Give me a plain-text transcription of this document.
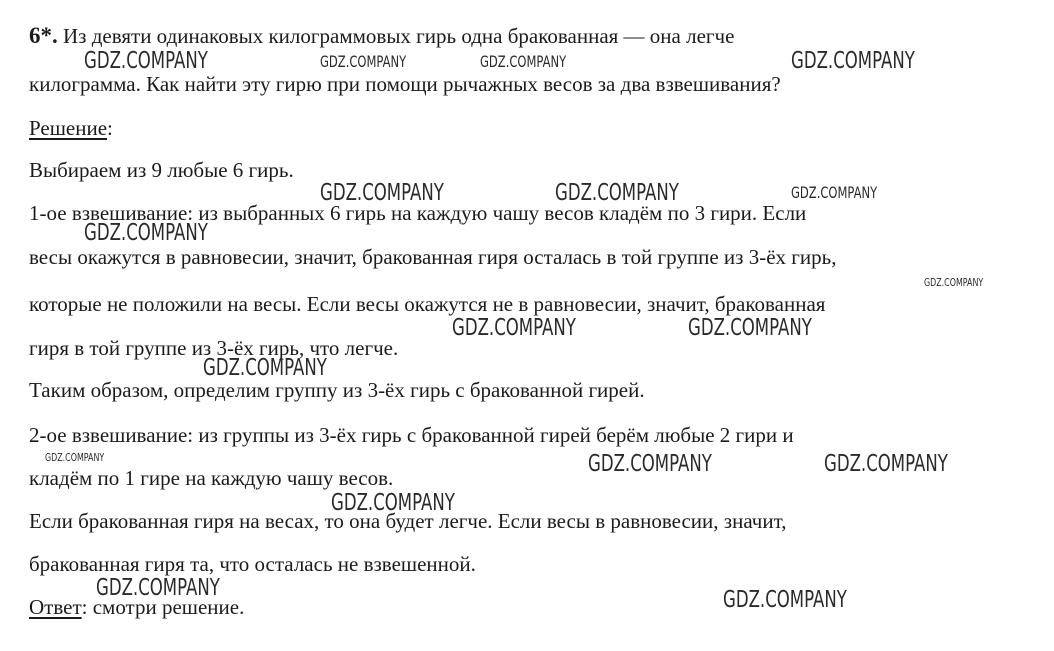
6*. Из девяти одинаковых килограммовых гирь одна бракованная — она легче
килограмма. Как найти эту гирю при помощи рычажных весов за два взвешивания?
Решение:
Выбираем из 9 любые 6 гирь.
1-ое взвешивание: из выбранных 6 гирь на каждую чашу весов кладём по 3 гири. Если
весы окажутся в равновесии, значит, бракованная гиря осталась в той группе из 3-ёх гирь,
которые не положили на весы. Если весы окажутся не в равновесии, значит, бракованная
гиря в той группе из 3-ёх гирь, что легче.
Таким образом, определим группу из 3-ёх гирь с бракованной гирей.
2-ое взвешивание: из группы из 3-ёх гирь с бракованной гирей берём любые 2 гири и
кладём по 1 гире на каждую чашу весов.
Если бракованная гиря на весах, то она будет легче. Если весы в равновесии, значит,
бракованная гиря та, что осталась не взвешенной.
Ответ: смотри решение.
GDZ.COMPANY	GDZ.COMPANY	GDZ.COMPANY	GDZ.COMPANY
GDZ.COMPANY	GDZ.COMPANY	GDZ.COMPANY
GDZ.COMPANY
GDZ.COMPANY
GDZ.COMPANY	GDZ.COMPANY
GDZ.COMPANY
GDZ.COMPANY	GDZ.COMPANY	GDZ.COMPANY
GDZ.COMPANY
GDZ.COMPANY	GDZ.COMPANY
